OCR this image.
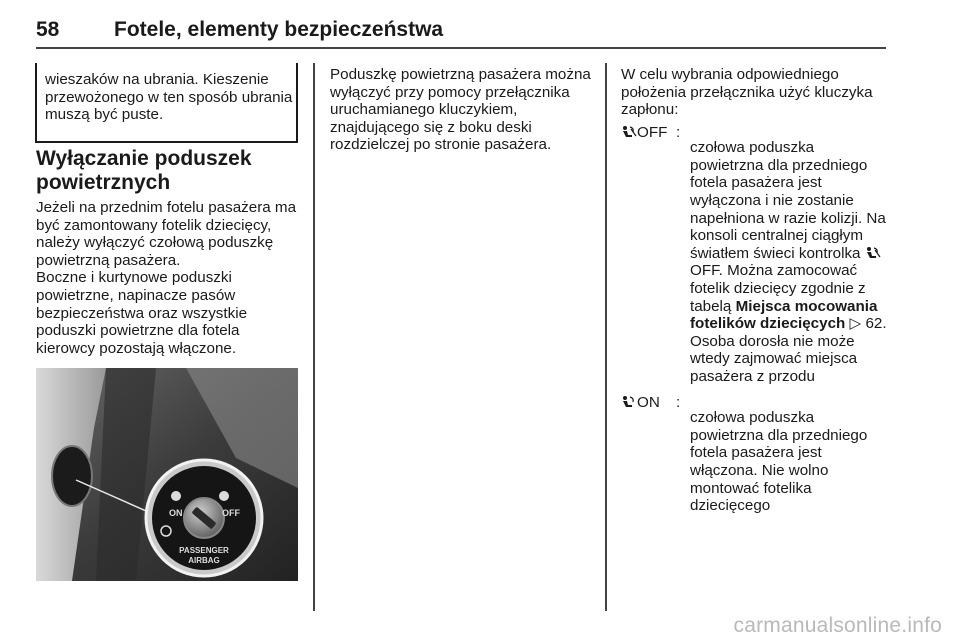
58	Fotele, elementy bezpieczeństwa

wieszaków na ubrania. Kieszenie przewożonego w ten sposób ubrania muszą być puste.

Wyłączanie poduszek powietrznych

Jeżeli na przednim fotelu pasażera ma być zamontowany fotelik dziecięcy, należy wyłączyć czołową poduszkę powietrzną pasażera.

Boczne i kurtynowe poduszki powietrzne, napinacze pasów bezpieczeństwa oraz wszystkie poduszki powietrzne dla fotela kierowcy pozostają włączone.

ON	OFF
PASSENGER
AIRBAG

Poduszkę powietrzną pasażera można wyłączyć przy pomocy przełącznika uruchamianego kluczykiem, znajdującego się z boku deski rozdzielczej po stronie pasażera.

W celu wybrania odpowiedniego położenia przełącznika użyć kluczyka zapłonu:

OFF :

czołowa poduszka powietrzna dla przedniego fotela pasażera jest wyłączona i nie zostanie napełniona w razie kolizji. Na konsoli centralnej ciągłym światłem świeci kontrolka OFF. Można zamocować fotelik dziecięcy zgodnie z tabelą Miejsca mocowania fotelików dziecięcych ▷ 62. Osoba dorosła nie może wtedy zajmować miejsca pasażera z przodu

ON :

czołowa poduszka powietrzna dla przedniego fotela pasażera jest włączona. Nie wolno montować fotelika dziecięcego

carmanualsonline.info
